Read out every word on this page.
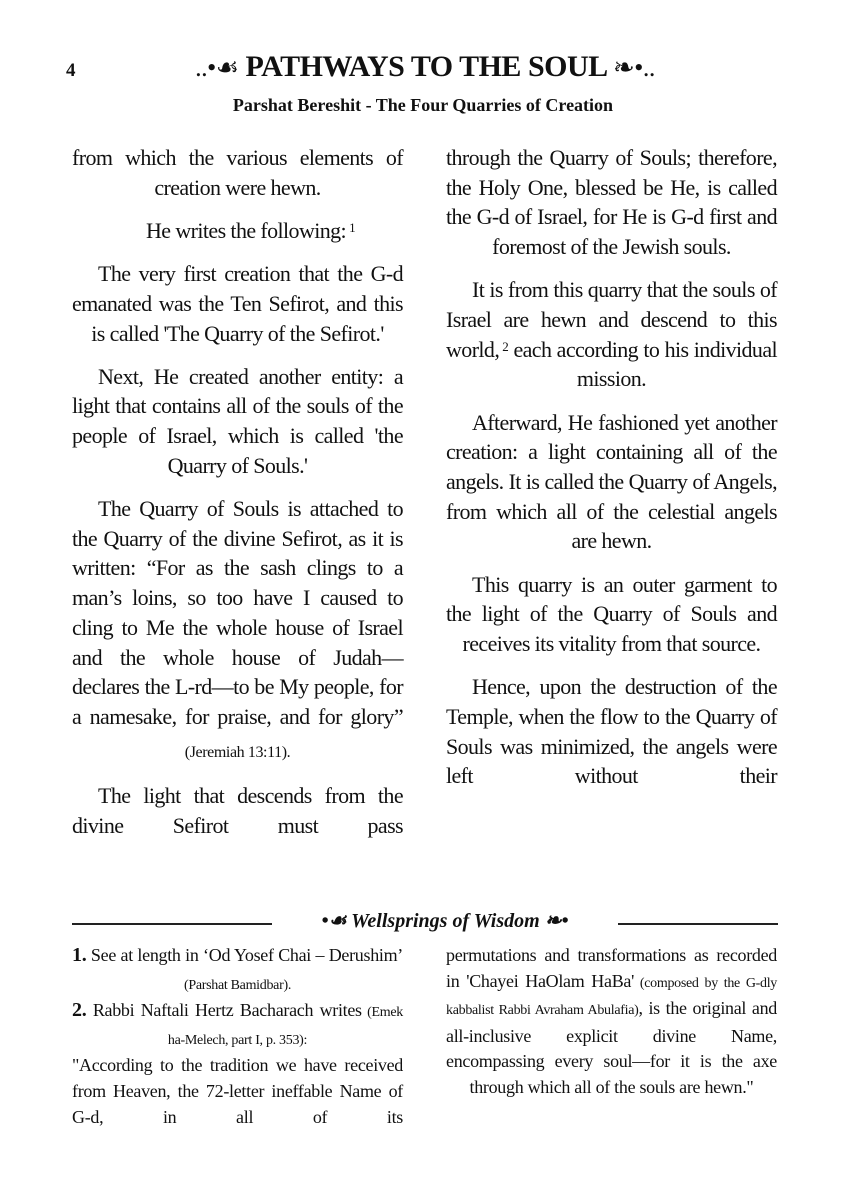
4	..•☙ PATHWAYS TO THE SOUL ❧•..
Parshat Bereshit - The Four Quarries of Creation

from which the various elements of creation were hewn.

He writes the following: $^1$

The very first creation that the G-d emanated was the Ten Sefirot, and this is called 'The Quarry of the Sefirot.'

Next, He created another entity: a light that contains all of the souls of the people of Israel, which is called 'the Quarry of Souls.'

The Quarry of Souls is attached to the Quarry of the divine Sefirot, as it is written: “For as the sash clings to a man’s loins, so too have I caused to cling to Me the whole house of Israel and the whole house of Judah—declares the L-rd—to be My people, for a namesake, for praise, and for glory” (Jeremiah 13:11).

The light that descends from the divine Sefirot must pass

through the Quarry of Souls; therefore, the Holy One, blessed be He, is called the G-d of Israel, for He is G-d first and foremost of the Jewish souls.

It is from this quarry that the souls of Israel are hewn and descend to this world, $^2$ each according to his individual mission.

Afterward, He fashioned yet another creation: a light containing all of the angels. It is called the Quarry of Angels, from which all of the celestial angels are hewn.

This quarry is an outer garment to the light of the Quarry of Souls and receives its vitality from that source.

Hence, upon the destruction of the Temple, when the flow to the Quarry of Souls was minimized, the angels were left without their

•☙ Wellsprings of Wisdom ❧•

1. See at length in ‘Od Yosef Chai – Derushim’ (Parshat Bamidbar).

2. Rabbi Naftali Hertz Bacharach writes (Emek ha-Melech, part I, p. 353):

"According to the tradition we have received from Heaven, the 72-letter ineffable Name of G-d, in all of its

permutations and transformations as recorded in 'Chayei HaOlam HaBa' (composed by the G-dly kabbalist Rabbi Avraham Abulafia), is the original and all-inclusive explicit divine Name, encompassing every soul—for it is the axe through which all of the souls are hewn."
